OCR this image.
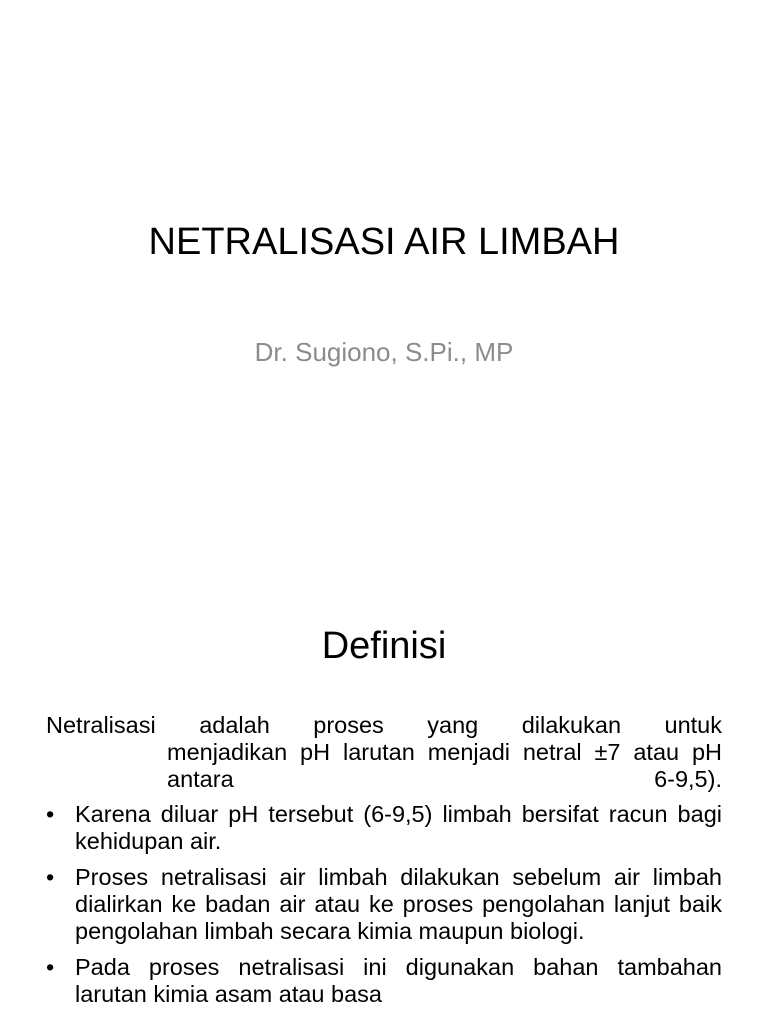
NETRALISASI AIR LIMBAH
Dr. Sugiono, S.Pi., MP
Definisi

Netralisasi adalah proses yang dilakukan untuk
menjadikan pH larutan menjadi netral ±7 atau pH antara 6-9,5).

• Karena diluar pH tersebut (6-9,5) limbah bersifat racun bagi kehidupan air.
• Proses netralisasi air limbah dilakukan sebelum air limbah dialirkan ke badan air atau ke proses pengolahan lanjut baik pengolahan limbah secara kimia maupun biologi.
• Pada proses netralisasi ini digunakan bahan tambahan larutan kimia asam atau basa
